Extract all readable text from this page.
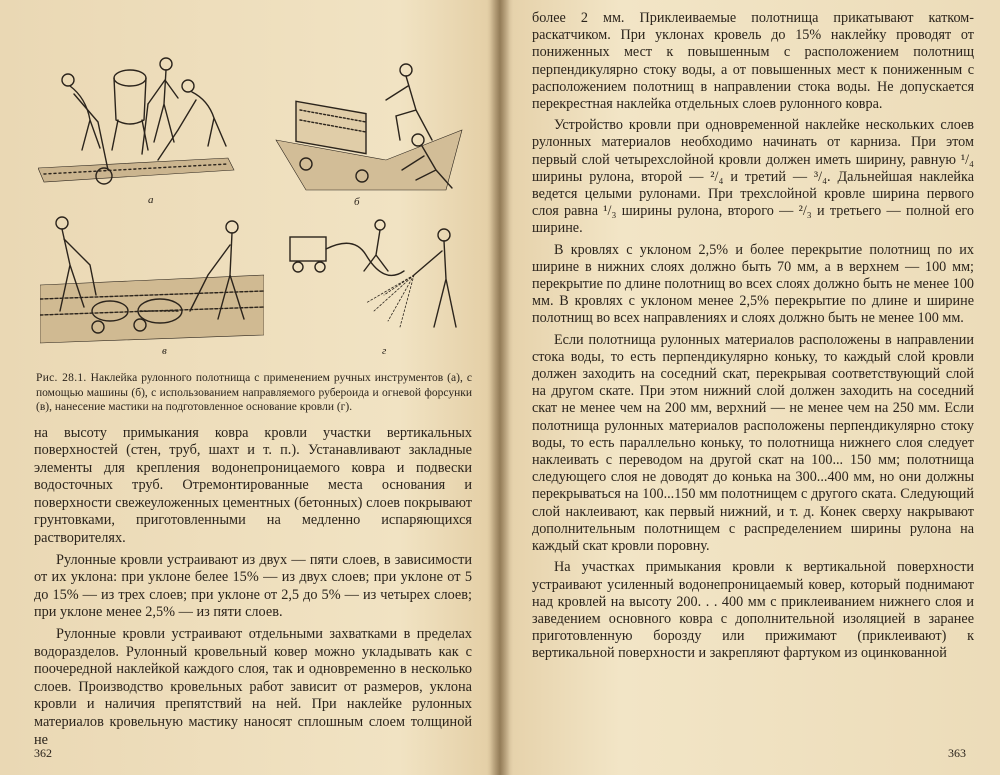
а	б
в	г

Рис. 28.1. Наклейка рулонного полотнища с применением ручных инструментов (а), с помощью машины (б), с использованием направляемого рубероида и огневой форсунки (в), нанесение мастики на подготовленное основание кровли (г).

на высоту примыкания ковра кровли участки вертикальных поверхностей (стен, труб, шахт и т. п.). Устанавливают закладные элементы для крепления водонепроницаемого ковра и подвески водосточных труб. Отремонтированные места основания и поверхности свежеуложенных цементных (бетонных) слоев покрывают грунтовками, приготовленными на медленно испаряющихся растворителях.

Рулонные кровли устраивают из двух — пяти слоев, в зависимости от их уклона: при уклоне белее 15% — из двух слоев; при уклоне от 5 до 15% — из трех слоев; при уклоне от 2,5 до 5% — из четырех слоев; при уклоне менее 2,5% — из пяти слоев.

Рулонные кровли устраивают отдельными захватками в пределах водоразделов. Рулонный кровельный ковер можно укладывать как с поочередной наклейкой каждого слоя, так и одновременно в несколько слоев. Производство кровельных работ зависит от размеров, уклона кровли и наличия препятствий на ней. При наклейке рулонных материалов кровельную мастику наносят сплошным слоем толщиной не

362

более 2 мм. Приклеиваемые полотнища прикатывают катком-раскатчиком. При уклонах кровель до 15% наклейку проводят от пониженных мест к повышенным с расположением полотнищ перпендикулярно стоку воды, а от повышенных мест к пониженным с расположением полотнищ в направлении стока воды. Не допускается перекрестная наклейка отдельных слоев рулонного ковра.

Устройство кровли при одновременной наклейке нескольких слоев рулонных материалов необходимо начинать от карниза. При этом первый слой четырехслойной кровли должен иметь ширину, равную ¹/₄ ширины рулона, второй — ²/₄ и третий — ³/₄. Дальнейшая наклейка ведется целыми рулонами. При трехслойной кровле ширина первого слоя равна ¹/₃ ширины рулона, второго — ²/₃ и третьего — полной его ширине.

В кровлях с уклоном 2,5% и более перекрытие полотнищ по их ширине в нижних слоях должно быть 70 мм, а в верхнем — 100 мм; перекрытие по длине полотнищ во всех слоях должно быть не менее 100 мм. В кровлях с уклоном менее 2,5% перекрытие по длине и ширине полотнищ во всех направлениях и слоях должно быть не менее 100 мм.

Если полотнища рулонных материалов расположены в направлении стока воды, то есть перпендикулярно коньку, то каждый слой кровли должен заходить на соседний скат, перекрывая соответствующий слой на другом скате. При этом нижний слой должен заходить на соседний скат не менее чем на 200 мм, верхний — не менее чем на 250 мм. Если полотнища рулонных материалов расположены перпендикулярно стоку воды, то есть параллельно коньку, то полотнища нижнего слоя следует наклеивать с переводом на другой скат на 100... 150 мм; полотнища следующего слоя не доводят до конька на 300...400 мм, но они должны перекрываться на 100...150 мм полотнищем с другого ската. Следующий слой наклеивают, как первый нижний, и т. д. Конек сверху накрывают дополнительным полотнищем с распределением ширины рулона на каждый скат кровли поровну.

На участках примыкания кровли к вертикальной поверхности устраивают усиленный водонепроницаемый ковер, который поднимают над кровлей на высоту 200. . . 400 мм с приклеиванием нижнего слоя и заведением основного ковра с дополнительной изоляцией в заранее приготовленную борозду или прижимают (приклеивают) к вертикальной поверхности и закрепляют фартуком из оцинкованной

363
